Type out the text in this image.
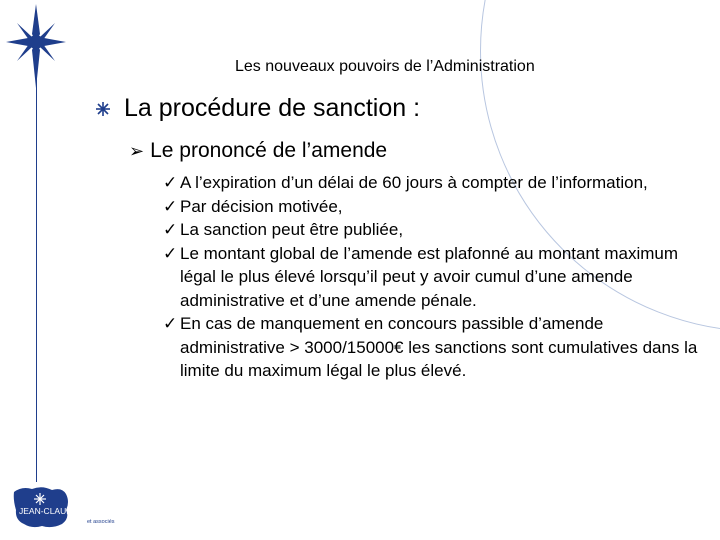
Les nouveaux pouvoirs de l’Administration
La procédure de sanction :
➢ Le prononcé de l’amende
✓ A l’expiration d’un délai de 60 jours à compter de l’information,
✓ Par décision motivée,
✓ La sanction peut être publiée,
✓ Le montant global de l’amende est plafonné au montant maximum légal le plus élevé lorsqu’il peut y avoir cumul d’une amende administrative et d’une amende pénale.
✓ En cas de manquement en concours passible d’amende administrative > 3000/15000€ les sanctions sont cumulatives dans la limite du maximum légal le plus élevé.
JEAN-CLAUDE COULON
et associés
